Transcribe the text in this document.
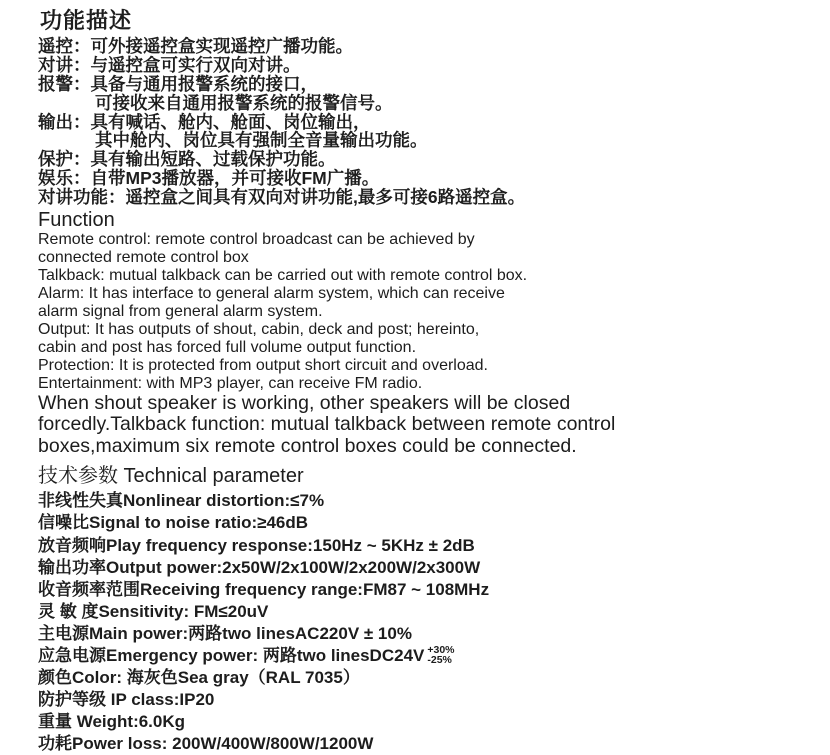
功能描述
遥控：可外接遥控盒实现遥控广播功能。
对讲：与遥控盒可实行双向对讲。
报警：具备与通用报警系统的接口，
可接收来自通用报警系统的报警信号。
输出：具有喊话、舱内、舱面、岗位输出，
其中舱内、岗位具有强制全音量输出功能。
保护：具有输出短路、过载保护功能。
娱乐：自带MP3播放器，并可接收FM广播。
对讲功能：遥控盒之间具有双向对讲功能,最多可接6路遥控盒。
Function
Remote control: remote control broadcast can be achieved by
connected remote control box
Talkback: mutual talkback can be carried out with remote control box.
Alarm: It has interface to general alarm system, which can receive
alarm signal from general alarm system.
Output: It has outputs of shout, cabin, deck and post; hereinto,
cabin and post has forced full volume output function.
Protection: It is protected from output short circuit and overload.
Entertainment: with MP3 player, can receive FM radio.
When shout speaker is working, other speakers will be closed
forcedly.Talkback function: mutual talkback between remote control
boxes,maximum six remote control boxes could be connected.
技术参数 Technical parameter
非线性失真Nonlinear distortion:≤7%
信噪比Signal to noise ratio:≥46dB
放音频响Play frequency response:150Hz ~ 5KHz ± 2dB
输出功率Output power:2x50W/2x100W/2x200W/2x300W
收音频率范围Receiving frequency range:FM87 ~ 108MHz
灵 敏 度Sensitivity: FM≤20uV
主电源Main power:两路two linesAC220V ± 10%
应急电源Emergency power: 两路two linesDC24V +30%
-25%
颜色Color: 海灰色Sea gray（RAL 7035）
防护等级 IP class:IP20
重量 Weight:6.0Kg
功耗Power loss: 200W/400W/800W/1200W
